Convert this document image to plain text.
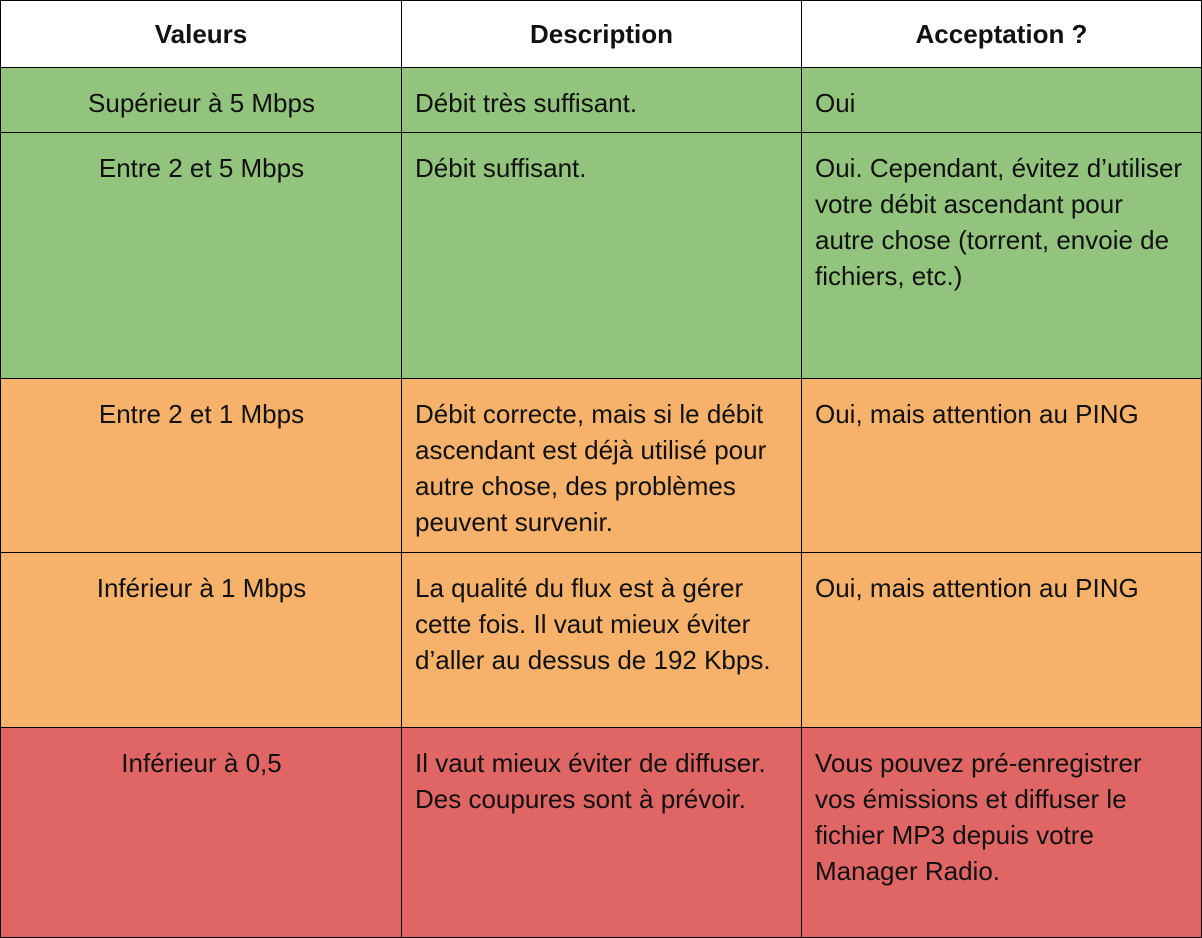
Valeurs	Description	Acceptation ?
Supérieur à 5 Mbps	Débit très suffisant.	Oui
Entre 2 et 5 Mbps	Débit suffisant.	Oui. Cependant, évitez d’utiliser votre débit ascendant pour autre chose (torrent, envoie de fichiers, etc.)
Entre 2 et 1 Mbps	Débit correcte, mais si le débit ascendant est déjà utilisé pour autre chose, des problèmes peuvent survenir.	Oui, mais attention au PING
Inférieur à 1 Mbps	La qualité du flux est à gérer cette fois. Il vaut mieux éviter d’aller au dessus de 192 Kbps.	Oui, mais attention au PING
Inférieur à 0,5	Il vaut mieux éviter de diffuser. Des coupures sont à prévoir.	Vous pouvez pré-enregistrer vos émissions et diffuser le fichier MP3 depuis votre Manager Radio.
